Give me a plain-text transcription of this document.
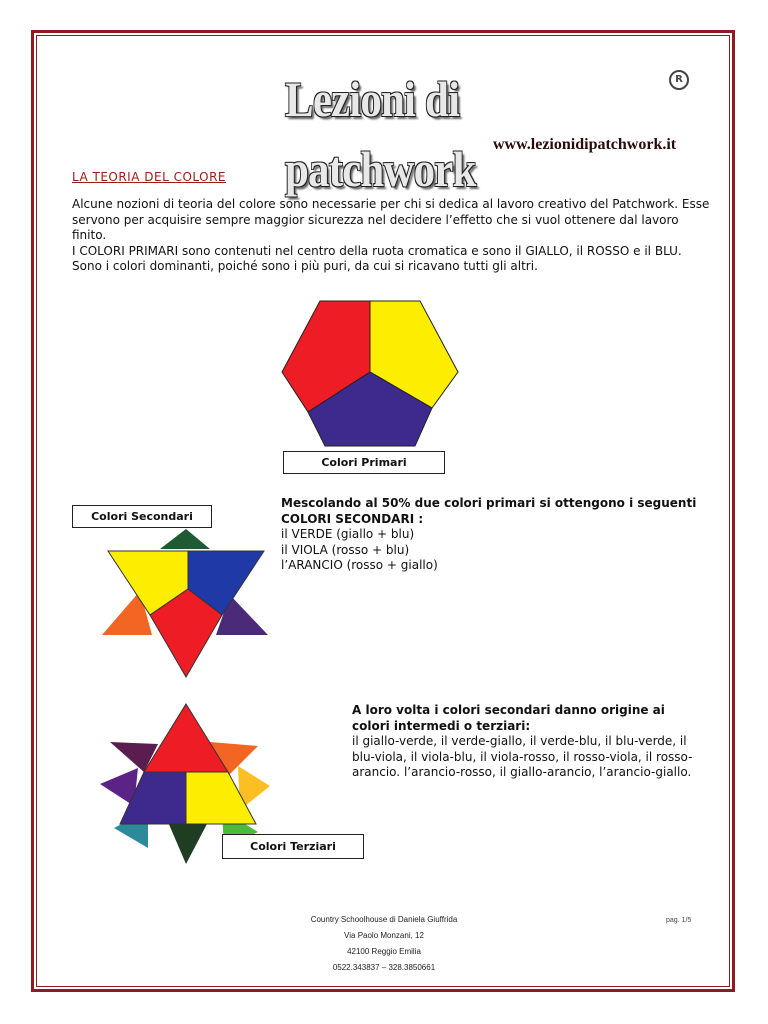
Lezioni di patchwork
R
www.lezionidipatchwork.it
LA TEORIA DEL COLORE

Alcune nozioni di teoria del colore sono necessarie per chi si dedica al lavoro creativo del Patchwork. Esse servono per acquisire sempre maggior sicurezza nel decidere l’effetto che si vuol ottenere dal lavoro finito.

I COLORI PRIMARI sono contenuti nel centro della ruota cromatica e sono il GIALLO, il ROSSO e il BLU. Sono i colori dominanti, poiché sono i più puri, da cui si ricavano tutti gli altri.

Colori Primari
Colori Secondari
Mescolando al 50% due colori primari si ottengono i seguenti COLORI SECONDARI :
il VERDE (giallo + blu)
il VIOLA (rosso + blu)
l’ARANCIO (rosso + giallo)
Colori Terziari
A loro volta i colori secondari danno origine ai colori intermedi o terziari:
il giallo-verde, il verde-giallo, il verde-blu, il blu-verde, il blu-viola, il viola-blu, il viola-rosso, il rosso-viola, il rosso-arancio. l’arancio-rosso, il giallo-arancio, l’arancio-giallo.
Country Schoolhouse di Daniela Giuffrida
Via Paolo Monzani, 12
42100 Reggio Emilia
0522.343837 – 328.3850661
pag. 1/5
